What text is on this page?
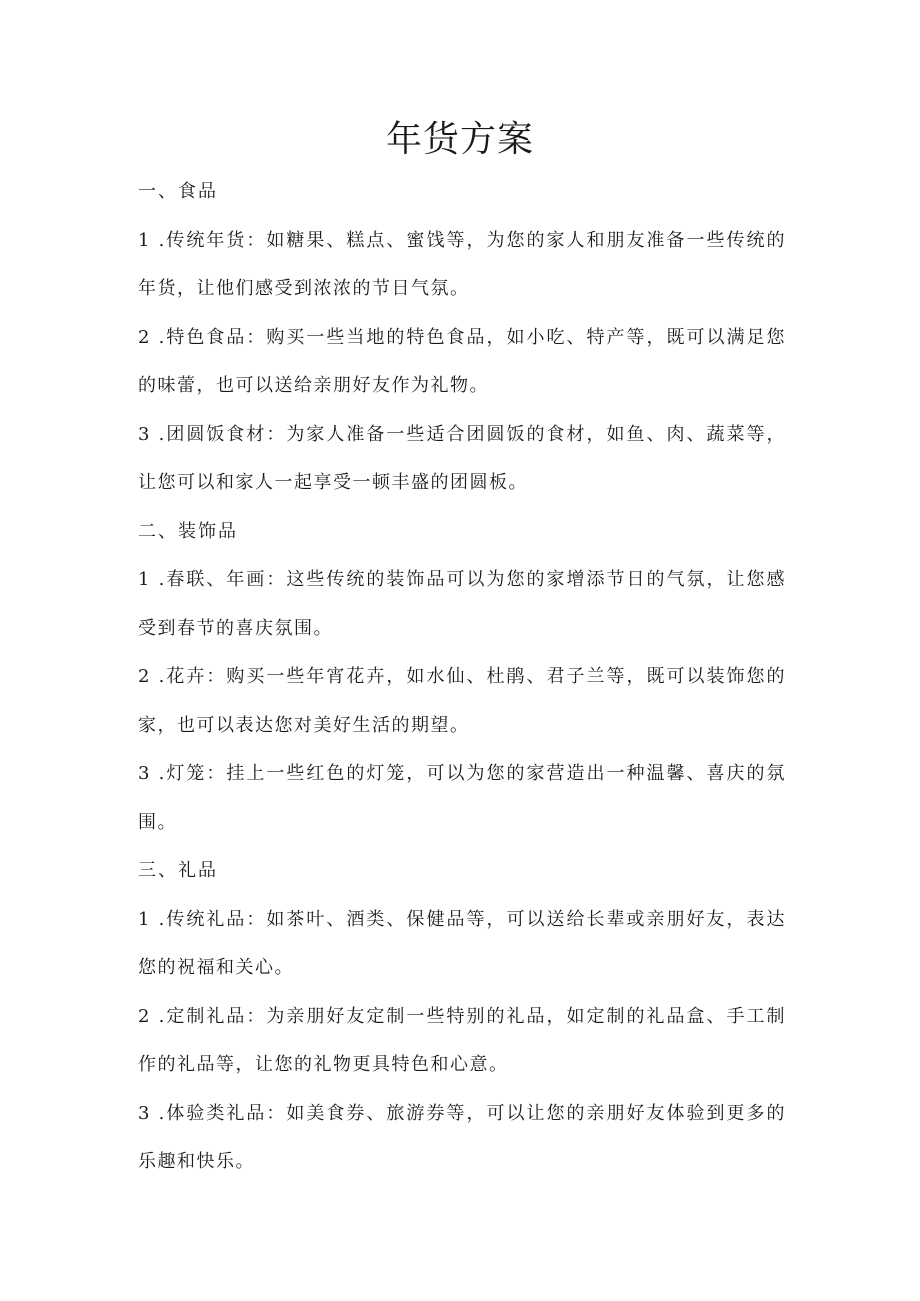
年货方案

一、食品

1 .传统年货：如糖果、糕点、蜜饯等，为您的家人和朋友准备一些传统的年货，让他们感受到浓浓的节日气氛。

2 .特色食品：购买一些当地的特色食品，如小吃、特产等，既可以满足您的味蕾，也可以送给亲朋好友作为礼物。

3 .团圆饭食材：为家人准备一些适合团圆饭的食材，如鱼、肉、蔬菜等，让您可以和家人一起享受一顿丰盛的团圆板。

二、装饰品

1 .春联、年画：这些传统的装饰品可以为您的家增添节日的气氛，让您感受到春节的喜庆氛围。

2 .花卉：购买一些年宵花卉，如水仙、杜鹃、君子兰等，既可以装饰您的家，也可以表达您对美好生活的期望。

3 .灯笼：挂上一些红色的灯笼，可以为您的家营造出一种温馨、喜庆的氛围。

三、礼品

1 .传统礼品：如茶叶、酒类、保健品等，可以送给长辈或亲朋好友，表达您的祝福和关心。

2 .定制礼品：为亲朋好友定制一些特别的礼品，如定制的礼品盒、手工制作的礼品等，让您的礼物更具特色和心意。

3 .体验类礼品：如美食券、旅游券等，可以让您的亲朋好友体验到更多的乐趣和快乐。
